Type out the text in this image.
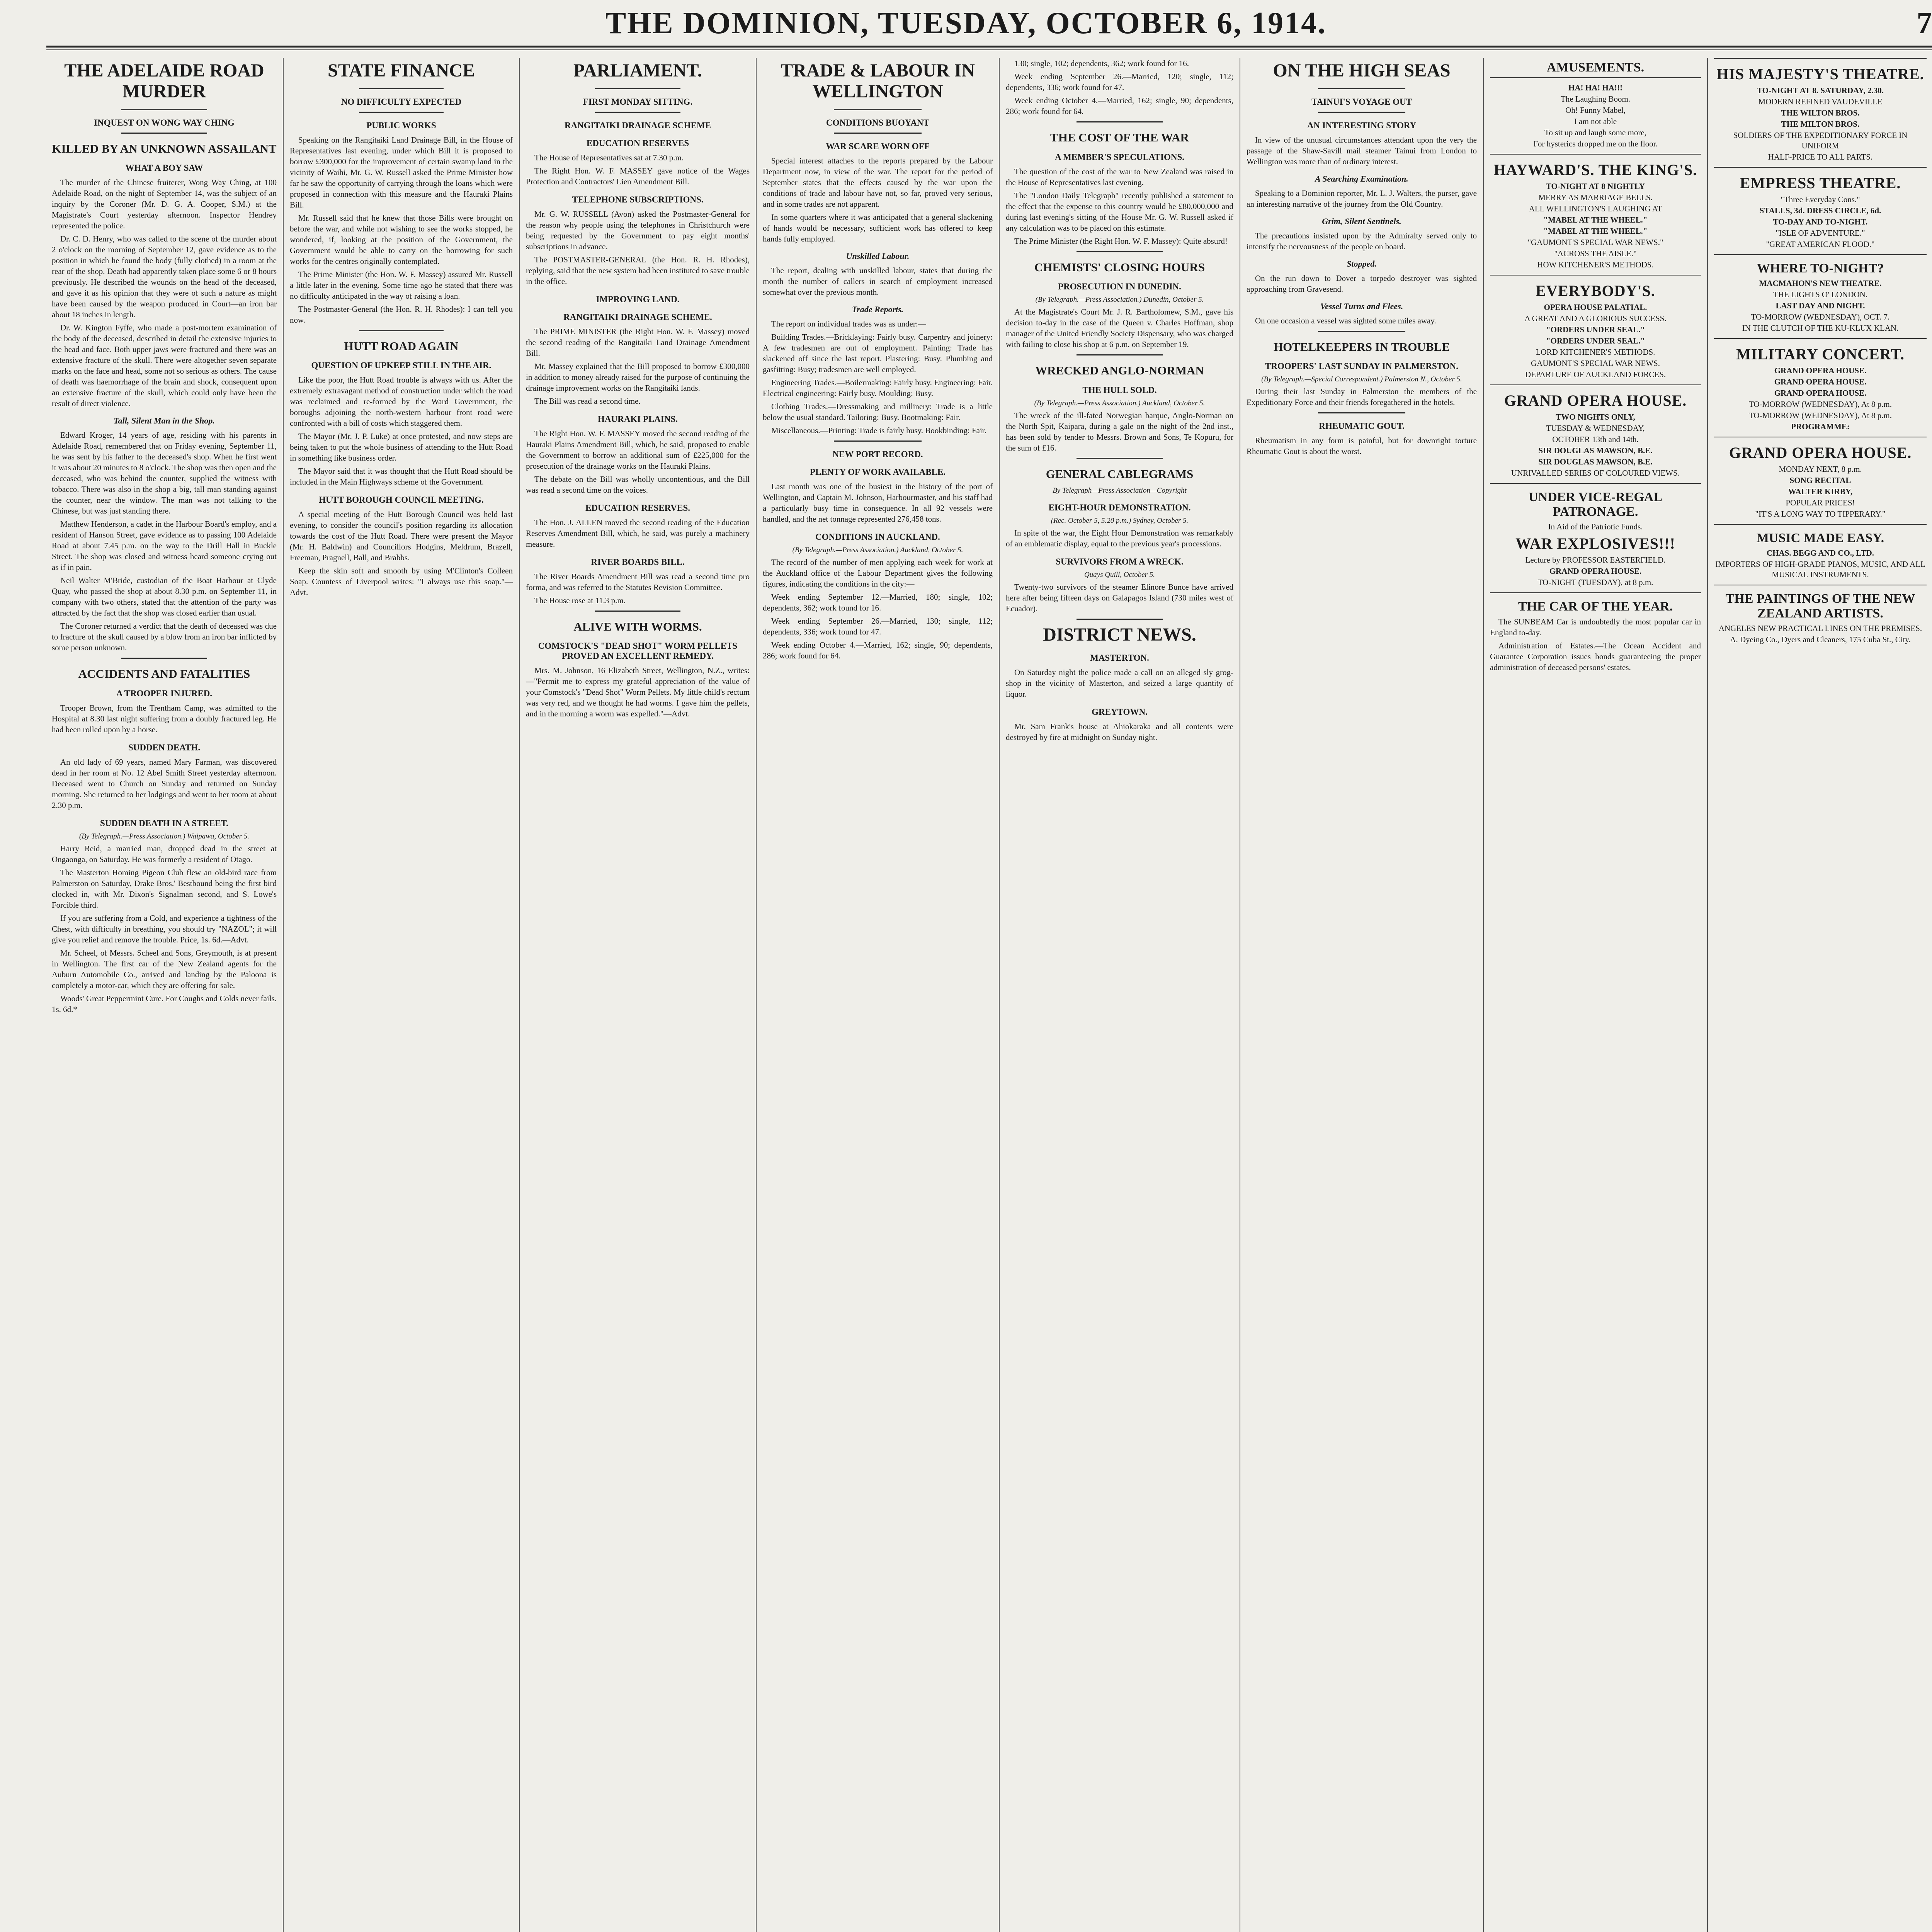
THE DOMINION, TUESDAY, OCTOBER 6, 1914.	7
THE ADELAIDE ROAD MURDER
INQUEST ON WONG WAY CHING
KILLED BY AN UNKNOWN ASSAILANT
WHAT A BOY SAW

The murder of the Chinese fruiterer, Wong Way Ching, at 100 Adelaide Road, on the night of September 14, was the subject of an inquiry by the Coroner (Mr. D. G. A. Cooper, S.M.) at the Magistrate's Court yesterday afternoon. Inspector Hendrey represented the police.

Dr. C. D. Henry, who was called to the scene of the murder about 2 o'clock on the morning of September 12, gave evidence as to the position in which he found the body (fully clothed) in a room at the rear of the shop. Death had apparently taken place some 6 or 8 hours previously. He described the wounds on the head of the deceased, and gave it as his opinion that they were of such a nature as might have been caused by the weapon produced in Court—an iron bar about 18 inches in length.

Dr. W. Kington Fyffe, who made a post-mortem examination of the body of the deceased, described in detail the extensive injuries to the head and face. Both upper jaws were fractured and there was an extensive fracture of the skull. There were altogether seven separate marks on the face and head, some not so serious as others. The cause of death was haemorrhage of the brain and shock, consequent upon an extensive fracture of the skull, which could only have been the result of direct violence.

Tall, Silent Man in the Shop.

Edward Kroger, 14 years of age, residing with his parents in Adelaide Road, remembered that on Friday evening, September 11, he was sent by his father to the deceased's shop. When he first went it was about 20 minutes to 8 o'clock. The shop was then open and the deceased, who was behind the counter, supplied the witness with tobacco. There was also in the shop a big, tall man standing against the counter, near the window. The man was not talking to the Chinese, but was just standing there.

Matthew Henderson, a cadet in the Harbour Board's employ, and a resident of Hanson Street, gave evidence as to passing 100 Adelaide Road at about 7.45 p.m. on the way to the Drill Hall in Buckle Street. The shop was closed and witness heard someone crying out as if in pain.

Neil Walter M'Bride, custodian of the Boat Harbour at Clyde Quay, who passed the shop at about 8.30 p.m. on September 11, in company with two others, stated that the attention of the party was attracted by the fact that the shop was closed earlier than usual.

The Coroner returned a verdict that the death of deceased was due to fracture of the skull caused by a blow from an iron bar inflicted by some person unknown.

ACCIDENTS AND FATALITIES
A TROOPER INJURED.

Trooper Brown, from the Trentham Camp, was admitted to the Hospital at 8.30 last night suffering from a doubly fractured leg. He had been rolled upon by a horse.

SUDDEN DEATH.

An old lady of 69 years, named Mary Farman, was discovered dead in her room at No. 12 Abel Smith Street yesterday afternoon. Deceased went to Church on Sunday and returned on Sunday morning. She returned to her lodgings and went to her room at about 2.30 p.m.

SUDDEN DEATH IN A STREET.
(By Telegraph.—Press Association.) Waipawa, October 5.

Harry Reid, a married man, dropped dead in the street at Ongaonga, on Saturday. He was formerly a resident of Otago.

The Masterton Homing Pigeon Club flew an old-bird race from Palmerston on Saturday, Drake Bros.' Bestbound being the first bird clocked in, with Mr. Dixon's Signalman second, and S. Lowe's Forcible third.

If you are suffering from a Cold, and experience a tightness of the Chest, with difficulty in breathing, you should try "NAZOL"; it will give you relief and remove the trouble. Price, 1s. 6d.—Advt.

Mr. Scheel, of Messrs. Scheel and Sons, Greymouth, is at present in Wellington. The first car of the New Zealand agents for the Auburn Automobile Co., arrived and landing by the Paloona is completely a motor-car, which they are offering for sale.

Woods' Great Peppermint Cure. For Coughs and Colds never fails. 1s. 6d.*

STATE FINANCE
NO DIFFICULTY EXPECTED
PUBLIC WORKS

Speaking on the Rangitaiki Land Drainage Bill, in the House of Representatives last evening, under which Bill it is proposed to borrow £300,000 for the improvement of certain swamp land in the vicinity of Waihi, Mr. G. W. Russell asked the Prime Minister how far he saw the opportunity of carrying through the loans which were proposed in connection with this measure and the Hauraki Plains Bill.

Mr. Russell said that he knew that those Bills were brought on before the war, and while not wishing to see the works stopped, he wondered, if, looking at the position of the Government, the Government would be able to carry on the borrowing for such works for the centres originally contemplated.

The Prime Minister (the Hon. W. F. Massey) assured Mr. Russell a little later in the evening. Some time ago he stated that there was no difficulty anticipated in the way of raising a loan.

The Postmaster-General (the Hon. R. H. Rhodes): I can tell you now.

HUTT ROAD AGAIN
QUESTION OF UPKEEP STILL IN THE AIR.

Like the poor, the Hutt Road trouble is always with us. After the extremely extravagant method of construction under which the road was reclaimed and re-formed by the Ward Government, the boroughs adjoining the north-western harbour front road were confronted with a bill of costs which staggered them.

The Mayor (Mr. J. P. Luke) at once protested, and now steps are being taken to put the whole business of attending to the Hutt Road in something like business order.

The Mayor said that it was thought that the Hutt Road should be included in the Main Highways scheme of the Government.

HUTT BOROUGH COUNCIL MEETING.

A special meeting of the Hutt Borough Council was held last evening, to consider the council's position regarding its allocation towards the cost of the Hutt Road. There were present the Mayor (Mr. H. Baldwin) and Councillors Hodgins, Meldrum, Brazell, Freeman, Pragnell, Ball, and Brabbs.

Keep the skin soft and smooth by using M'Clinton's Colleen Soap. Countess of Liverpool writes: "I always use this soap."—Advt.

PARLIAMENT.
FIRST MONDAY SITTING.
RANGITAIKI DRAINAGE SCHEME
EDUCATION RESERVES

The House of Representatives sat at 7.30 p.m.

The Right Hon. W. F. MASSEY gave notice of the Wages Protection and Contractors' Lien Amendment Bill.

TELEPHONE SUBSCRIPTIONS.

Mr. G. W. RUSSELL (Avon) asked the Postmaster-General for the reason why people using the telephones in Christchurch were being requested by the Government to pay eight months' subscriptions in advance.

The POSTMASTER-GENERAL (the Hon. R. H. Rhodes), replying, said that the new system had been instituted to save trouble in the office.

IMPROVING LAND.
RANGITAIKI DRAINAGE SCHEME.

The PRIME MINISTER (the Right Hon. W. F. Massey) moved the second reading of the Rangitaiki Land Drainage Amendment Bill.

Mr. Massey explained that the Bill proposed to borrow £300,000 in addition to money already raised for the purpose of continuing the drainage improvement works on the Rangitaiki lands.

The Bill was read a second time.

HAURAKI PLAINS.

The Right Hon. W. F. MASSEY moved the second reading of the Hauraki Plains Amendment Bill, which, he said, proposed to enable the Government to borrow an additional sum of £225,000 for the prosecution of the drainage works on the Hauraki Plains.

The debate on the Bill was wholly uncontentious, and the Bill was read a second time on the voices.

EDUCATION RESERVES.

The Hon. J. ALLEN moved the second reading of the Education Reserves Amendment Bill, which, he said, was purely a machinery measure.

RIVER BOARDS BILL.

The River Boards Amendment Bill was read a second time pro forma, and was referred to the Statutes Revision Committee.

The House rose at 11.3 p.m.

ALIVE WITH WORMS.
COMSTOCK'S "DEAD SHOT" WORM PELLETS PROVED AN EXCELLENT REMEDY.

Mrs. M. Johnson, 16 Elizabeth Street, Wellington, N.Z., writes:—"Permit me to express my grateful appreciation of the value of your Comstock's "Dead Shot" Worm Pellets. My little child's rectum was very red, and we thought he had worms. I gave him the pellets, and in the morning a worm was expelled."—Advt.

TRADE & LABOUR IN WELLINGTON
CONDITIONS BUOYANT
WAR SCARE WORN OFF

Special interest attaches to the reports prepared by the Labour Department now, in view of the war. The report for the period of September states that the effects caused by the war upon the conditions of trade and labour have not, so far, proved very serious, and in some trades are not apparent.

In some quarters where it was anticipated that a general slackening of hands would be necessary, sufficient work has offered to keep hands fully employed.

Unskilled Labour.

The report, dealing with unskilled labour, states that during the month the number of callers in search of employment increased somewhat over the previous month.

Trade Reports.

The report on individual trades was as under:—

Building Trades.—Bricklaying: Fairly busy. Carpentry and joinery: A few tradesmen are out of employment. Painting: Trade has slackened off since the last report. Plastering: Busy. Plumbing and gasfitting: Busy; tradesmen are well employed.

Engineering Trades.—Boilermaking: Fairly busy. Engineering: Fair. Electrical engineering: Fairly busy. Moulding: Busy.

Clothing Trades.—Dressmaking and millinery: Trade is a little below the usual standard. Tailoring: Busy. Bootmaking: Fair.

Miscellaneous.—Printing: Trade is fairly busy. Bookbinding: Fair.

NEW PORT RECORD.
PLENTY OF WORK AVAILABLE.

Last month was one of the busiest in the history of the port of Wellington, and Captain M. Johnson, Harbourmaster, and his staff had a particularly busy time in consequence. In all 92 vessels were handled, and the net tonnage represented 276,458 tons.

CONDITIONS IN AUCKLAND.
(By Telegraph.—Press Association.) Auckland, October 5.

The record of the number of men applying each week for work at the Auckland office of the Labour Department gives the following figures, indicating the conditions in the city:—

Week ending September 12.—Married, 180; single, 102; dependents, 362; work found for 16.

Week ending September 26.—Married, 130; single, 112; dependents, 336; work found for 47.

Week ending October 4.—Married, 162; single, 90; dependents, 286; work found for 64.

130; single, 102; dependents, 362; work found for 16.

Week ending September 26.—Married, 120; single, 112; dependents, 336; work found for 47.

Week ending October 4.—Married, 162; single, 90; dependents, 286; work found for 64.

THE COST OF THE WAR
A MEMBER'S SPECULATIONS.

The question of the cost of the war to New Zealand was raised in the House of Representatives last evening.

The "London Daily Telegraph" recently published a statement to the effect that the expense to this country would be £80,000,000 and during last evening's sitting of the House Mr. G. W. Russell asked if any calculation was to be placed on this estimate.

The Prime Minister (the Right Hon. W. F. Massey): Quite absurd!

CHEMISTS' CLOSING HOURS
PROSECUTION IN DUNEDIN.
(By Telegraph.—Press Association.) Dunedin, October 5.

At the Magistrate's Court Mr. J. R. Bartholomew, S.M., gave his decision to-day in the case of the Queen v. Charles Hoffman, shop manager of the United Friendly Society Dispensary, who was charged with failing to close his shop at 6 p.m. on September 19.

WRECKED ANGLO-NORMAN
THE HULL SOLD.
(By Telegraph.—Press Association.) Auckland, October 5.

The wreck of the ill-fated Norwegian barque, Anglo-Norman on the North Spit, Kaipara, during a gale on the night of the 2nd inst., has been sold by tender to Messrs. Brown and Sons, Te Kopuru, for the sum of £16.

GENERAL CABLEGRAMS
By Telegraph—Press Association—Copyright
EIGHT-HOUR DEMONSTRATION.
(Rec. October 5, 5.20 p.m.) Sydney, October 5.

In spite of the war, the Eight Hour Demonstration was remarkably of an emblematic display, equal to the previous year's processions.

SURVIVORS FROM A WRECK.
Quays Quill, October 5.

Twenty-two survivors of the steamer Elinore Bunce have arrived here after being fifteen days on Galapagos Island (730 miles west of Ecuador).

DISTRICT NEWS.
MASTERTON.

On Saturday night the police made a call on an alleged sly grog-shop in the vicinity of Masterton, and seized a large quantity of liquor.

GREYTOWN.

Mr. Sam Frank's house at Ahiokaraka and all contents were destroyed by fire at midnight on Sunday night.

ON THE HIGH SEAS
TAINUI'S VOYAGE OUT
AN INTERESTING STORY

In view of the unusual circumstances attendant upon the very the passage of the Shaw-Savill mail steamer Tainui from London to Wellington was more than of ordinary interest.

A Searching Examination.

Speaking to a Dominion reporter, Mr. L. J. Walters, the purser, gave an interesting narrative of the journey from the Old Country.

Grim, Silent Sentinels.

The precautions insisted upon by the Admiralty served only to intensify the nervousness of the people on board.

Stopped.

On the run down to Dover a torpedo destroyer was sighted approaching from Gravesend.

Vessel Turns and Flees.

On one occasion a vessel was sighted some miles away.

HOTELKEEPERS IN TROUBLE
TROOPERS' LAST SUNDAY IN PALMERSTON.
(By Telegraph.—Special Correspondent.) Palmerston N., October 5.

During their last Sunday in Palmerston the members of the Expeditionary Force and their friends foregathered in the hotels.

RHEUMATIC GOUT.

Rheumatism in any form is painful, but for downright torture Rheumatic Gout is about the worst.

AMUSEMENTS.
HA! HA! HA!!!
The Laughing Boom.
Oh! Funny Mabel,
I am not able
To sit up and laugh some more,
For hysterics dropped me on the floor.
HAYWARD'S. THE KING'S.
TO-NIGHT AT 8 NIGHTLY
MERRY AS MARRIAGE BELLS.
ALL WELLINGTON'S LAUGHING AT
"MABEL AT THE WHEEL."
"MABEL AT THE WHEEL."
"GAUMONT'S SPECIAL WAR NEWS."
"ACROSS THE AISLE."
HOW KITCHENER'S METHODS.
EVERYBODY'S.
OPERA HOUSE PALATIAL.
A GREAT AND A GLORIOUS SUCCESS.
"ORDERS UNDER SEAL."
"ORDERS UNDER SEAL."
LORD KITCHENER'S METHODS.
GAUMONT'S SPECIAL WAR NEWS.
DEPARTURE OF AUCKLAND FORCES.
GRAND OPERA HOUSE.
TWO NIGHTS ONLY,
TUESDAY & WEDNESDAY,
OCTOBER 13th and 14th.
SIR DOUGLAS MAWSON, B.E.
SIR DOUGLAS MAWSON, B.E.
UNRIVALLED SERIES OF COLOURED VIEWS.
UNDER VICE-REGAL PATRONAGE.
In Aid of the Patriotic Funds.
WAR EXPLOSIVES!!!
Lecture by PROFESSOR EASTERFIELD.
GRAND OPERA HOUSE.
TO-NIGHT (TUESDAY), at 8 p.m.
THE CAR OF THE YEAR.

The SUNBEAM Car is undoubtedly the most popular car in England to-day.

Administration of Estates.—The Ocean Accident and Guarantee Corporation issues bonds guaranteeing the proper administration of deceased persons' estates.

HIS MAJESTY'S THEATRE.
TO-NIGHT AT 8. SATURDAY, 2.30.
MODERN REFINED VAUDEVILLE
THE WILTON BROS.
THE MILTON BROS.
SOLDIERS OF THE EXPEDITIONARY FORCE IN UNIFORM
HALF-PRICE TO ALL PARTS.
EMPRESS THEATRE.
"Three Everyday Cons."
STALLS, 3d. DRESS CIRCLE, 6d.
TO-DAY AND TO-NIGHT.
"ISLE OF ADVENTURE."
"GREAT AMERICAN FLOOD."
WHERE TO-NIGHT?
MACMAHON'S NEW THEATRE.
THE LIGHTS O' LONDON.
LAST DAY AND NIGHT.
TO-MORROW (WEDNESDAY), OCT. 7.
IN THE CLUTCH OF THE KU-KLUX KLAN.
MILITARY CONCERT.
GRAND OPERA HOUSE.
GRAND OPERA HOUSE.
GRAND OPERA HOUSE.
TO-MORROW (WEDNESDAY), At 8 p.m.
TO-MORROW (WEDNESDAY), At 8 p.m.
PROGRAMME:
GRAND OPERA HOUSE.
MONDAY NEXT, 8 p.m.
SONG RECITAL
WALTER KIRBY,
POPULAR PRICES!
"IT'S A LONG WAY TO TIPPERARY."
MUSIC MADE EASY.
CHAS. BEGG AND CO., LTD.
IMPORTERS OF HIGH-GRADE PIANOS, MUSIC, AND ALL MUSICAL INSTRUMENTS.
THE PAINTINGS OF THE NEW ZEALAND ARTISTS.
ANGELES NEW PRACTICAL LINES ON THE PREMISES.
A. Dyeing Co., Dyers and Cleaners, 175 Cuba St., City.
